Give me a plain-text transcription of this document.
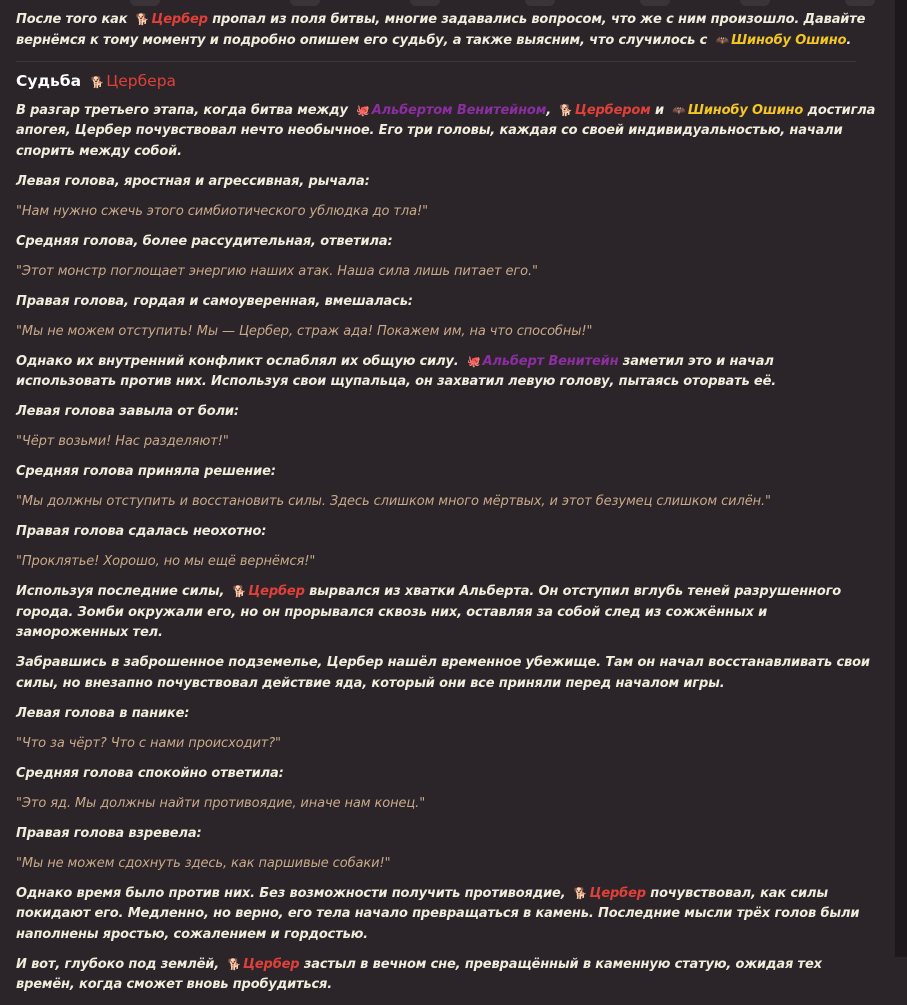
После того как 🐕 Цербер пропал из поля битвы, многие задавались вопросом, что же с ним произошло. Давайте вернёмся к тому моменту и подробно опишем его судьбу, а также выясним, что случилось с 🦇 Шинобу Ошино.

Судьба 🐕 Цербера

В разгар третьего этапа, когда битва между 🐙 Альбертом Венитейном, 🐕 Цербером и 🦇 Шинобу Ошино достигла апогея, Цербер почувствовал нечто необычное. Его три головы, каждая со своей индивидуальностью, начали спорить между собой.

Левая голова, яростная и агрессивная, рычала:

"Нам нужно сжечь этого симбиотического ублюдка до тла!"

Средняя голова, более рассудительная, ответила:

"Этот монстр поглощает энергию наших атак. Наша сила лишь питает его."

Правая голова, гордая и самоуверенная, вмешалась:

"Мы не можем отступить! Мы — Цербер, страж ада! Покажем им, на что способны!"

Однако их внутренний конфликт ослаблял их общую силу. 🐙 Альберт Венитейн заметил это и начал использовать против них. Используя свои щупальца, он захватил левую голову, пытаясь оторвать её.

Левая голова завыла от боли:

"Чёрт возьми! Нас разделяют!"

Средняя голова приняла решение:

"Мы должны отступить и восстановить силы. Здесь слишком много мёртвых, и этот безумец слишком силён."

Правая голова сдалась неохотно:

"Проклятье! Хорошо, но мы ещё вернёмся!"

Используя последние силы, 🐕 Цербер вырвался из хватки Альберта. Он отступил вглубь теней разрушенного города. Зомби окружали его, но он прорывался сквозь них, оставляя за собой след из сожжённых и замороженных тел.

Забравшись в заброшенное подземелье, Цербер нашёл временное убежище. Там он начал восстанавливать свои силы, но внезапно почувствовал действие яда, который они все приняли перед началом игры.

Левая голова в панике:

"Что за чёрт? Что с нами происходит?"

Средняя голова спокойно ответила:

"Это яд. Мы должны найти противоядие, иначе нам конец."

Правая голова взревела:

"Мы не можем сдохнуть здесь, как паршивые собаки!"

Однако время было против них. Без возможности получить противоядие, 🐕 Цербер почувствовал, как силы покидают его. Медленно, но верно, его тела начало превращаться в камень. Последние мысли трёх голов были наполнены яростью, сожалением и гордостью.

И вот, глубоко под землёй, 🐕 Цербер застыл в вечном сне, превращённый в каменную статую, ожидая тех времён, когда сможет вновь пробудиться.
